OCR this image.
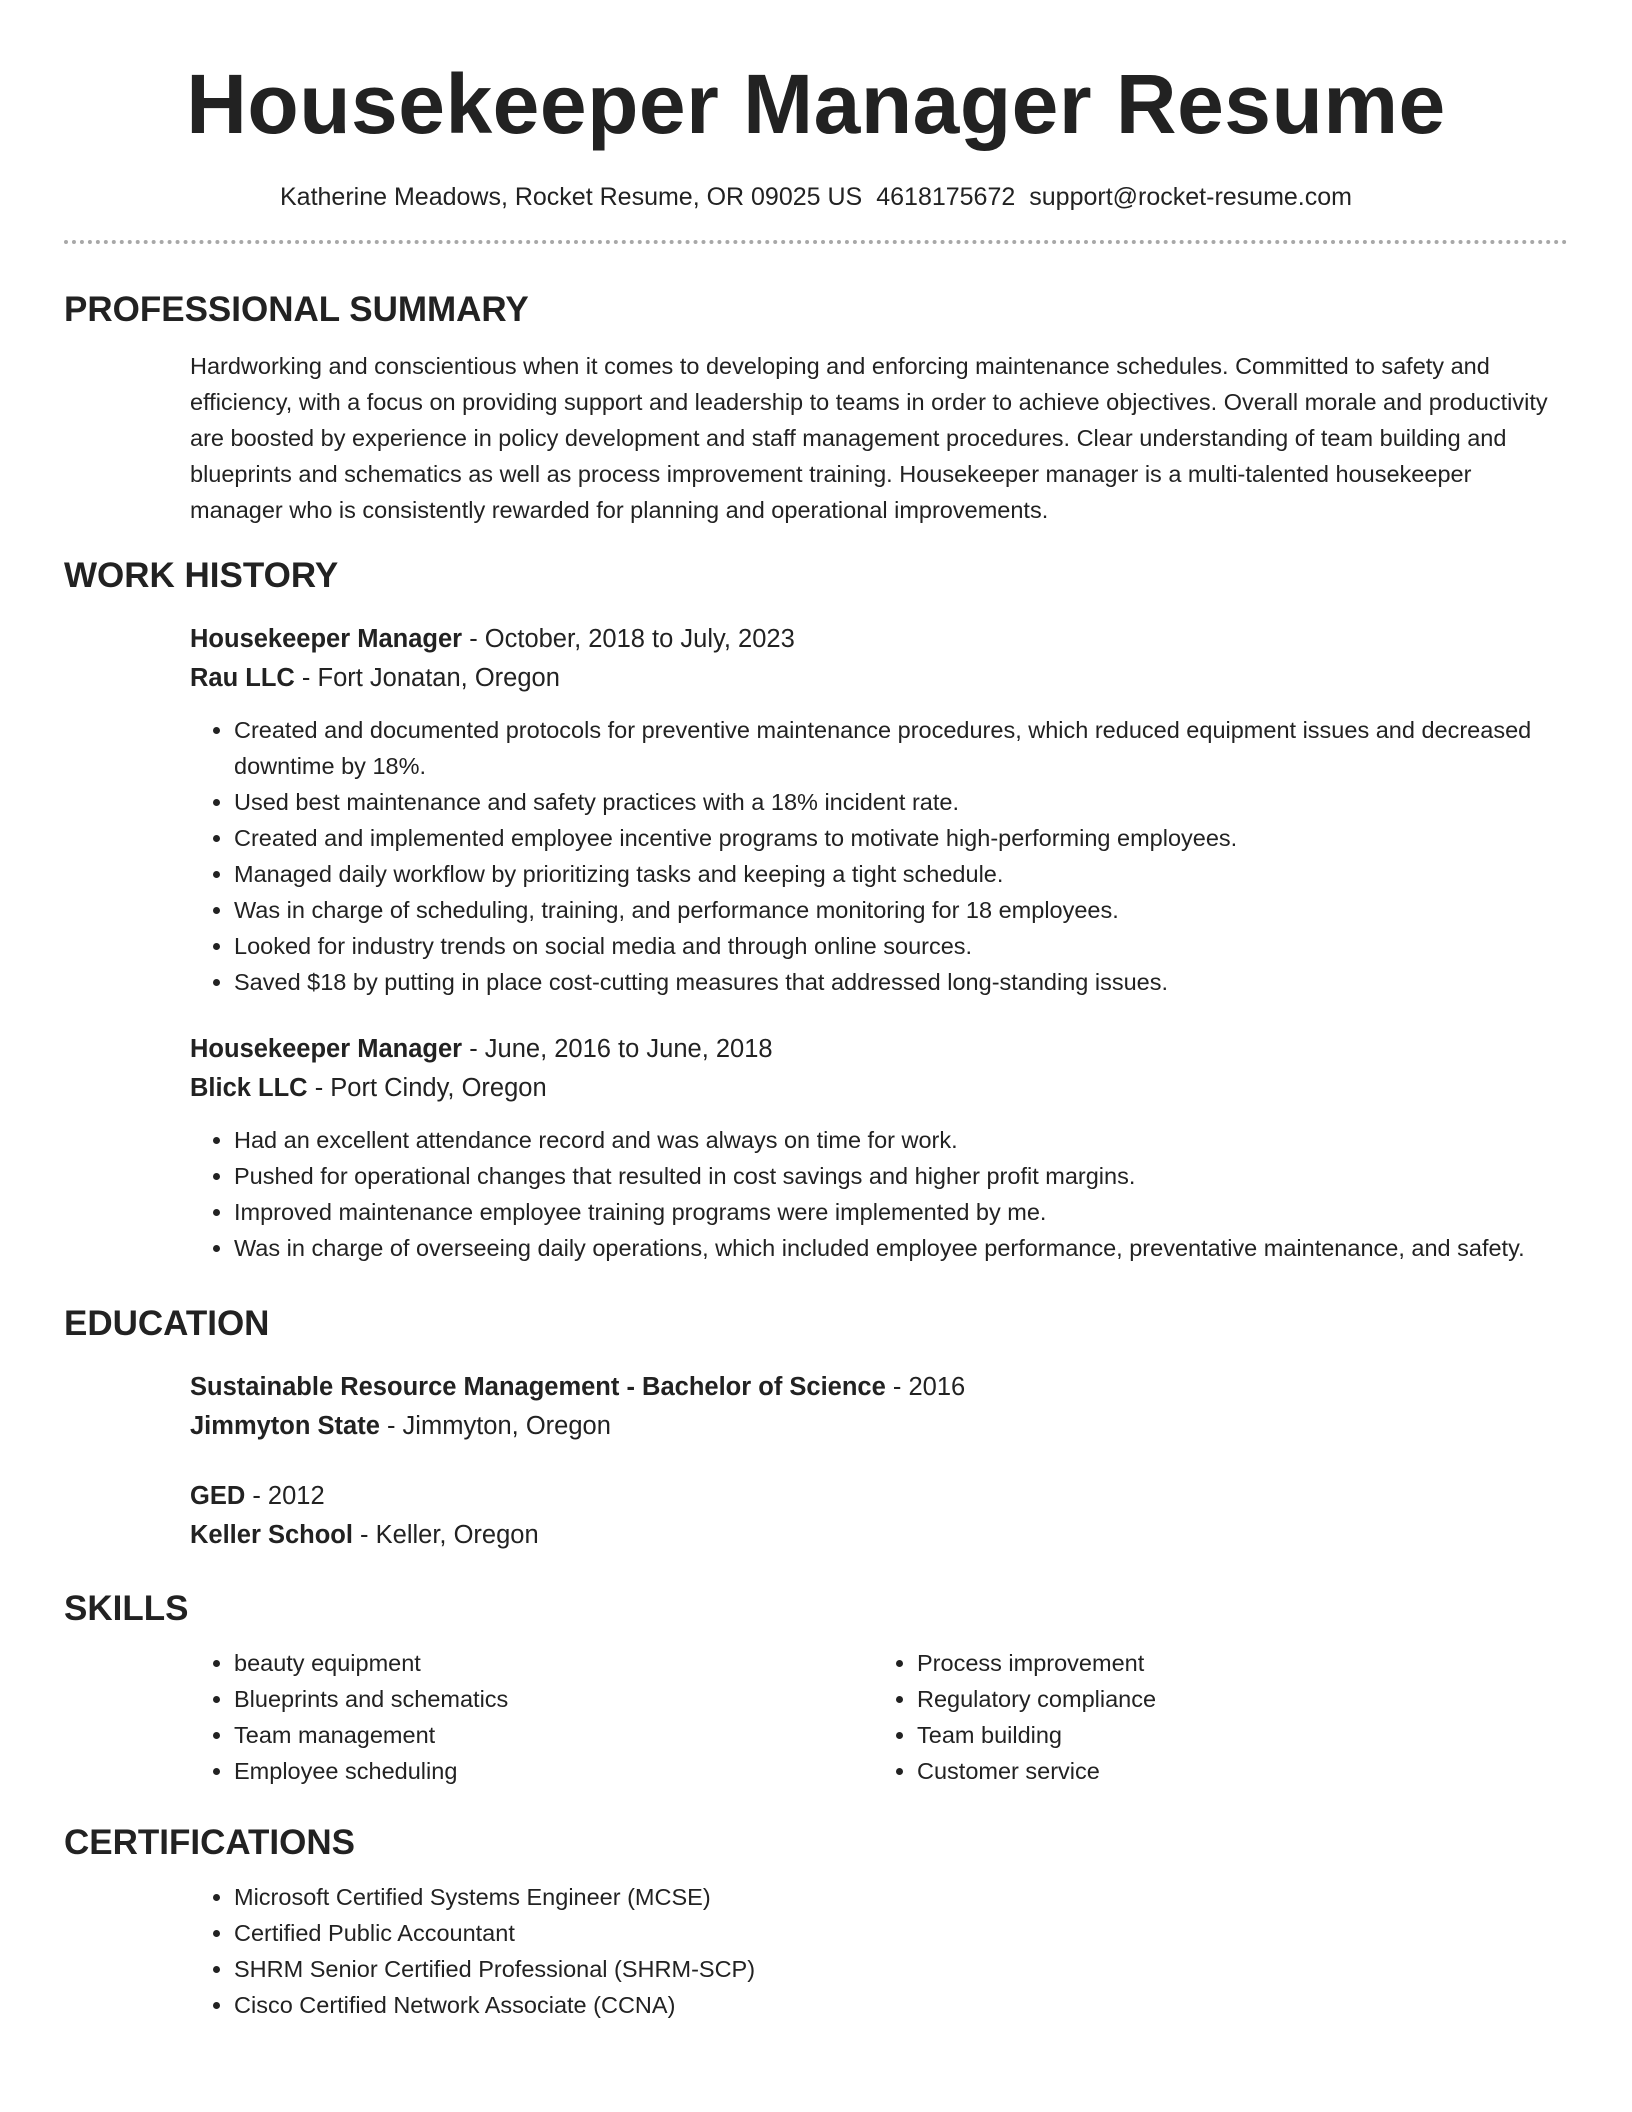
Housekeeper Manager Resume
Katherine Meadows, Rocket Resume, OR 09025 US 4618175672 support@rocket-resume.com
PROFESSIONAL SUMMARY

Hardworking and conscientious when it comes to developing and enforcing maintenance schedules. Committed to safety and efficiency, with a focus on providing support and leadership to teams in order to achieve objectives. Overall morale and productivity are boosted by experience in policy development and staff management procedures. Clear understanding of team building and blueprints and schematics as well as process improvement training. Housekeeper manager is a multi-talented housekeeper manager who is consistently rewarded for planning and operational improvements.

WORK HISTORY
Housekeeper Manager - October, 2018 to July, 2023
Rau LLC - Fort Jonatan, Oregon
• Created and documented protocols for preventive maintenance procedures, which reduced equipment issues and decreased downtime by 18%.
• Used best maintenance and safety practices with a 18% incident rate.
• Created and implemented employee incentive programs to motivate high-performing employees.
• Managed daily workflow by prioritizing tasks and keeping a tight schedule.
• Was in charge of scheduling, training, and performance monitoring for 18 employees.
• Looked for industry trends on social media and through online sources.
• Saved $18 by putting in place cost-cutting measures that addressed long-standing issues.
Housekeeper Manager - June, 2016 to June, 2018
Blick LLC - Port Cindy, Oregon
• Had an excellent attendance record and was always on time for work.
• Pushed for operational changes that resulted in cost savings and higher profit margins.
• Improved maintenance employee training programs were implemented by me.
• Was in charge of overseeing daily operations, which included employee performance, preventative maintenance, and safety.
EDUCATION
Sustainable Resource Management - Bachelor of Science - 2016
Jimmyton State - Jimmyton, Oregon
GED - 2012
Keller School - Keller, Oregon
SKILLS
• beauty equipment
• Blueprints and schematics
• Team management
• Employee scheduling
• Process improvement
• Regulatory compliance
• Team building
• Customer service
CERTIFICATIONS
• Microsoft Certified Systems Engineer (MCSE)
• Certified Public Accountant
• SHRM Senior Certified Professional (SHRM-SCP)
• Cisco Certified Network Associate (CCNA)
